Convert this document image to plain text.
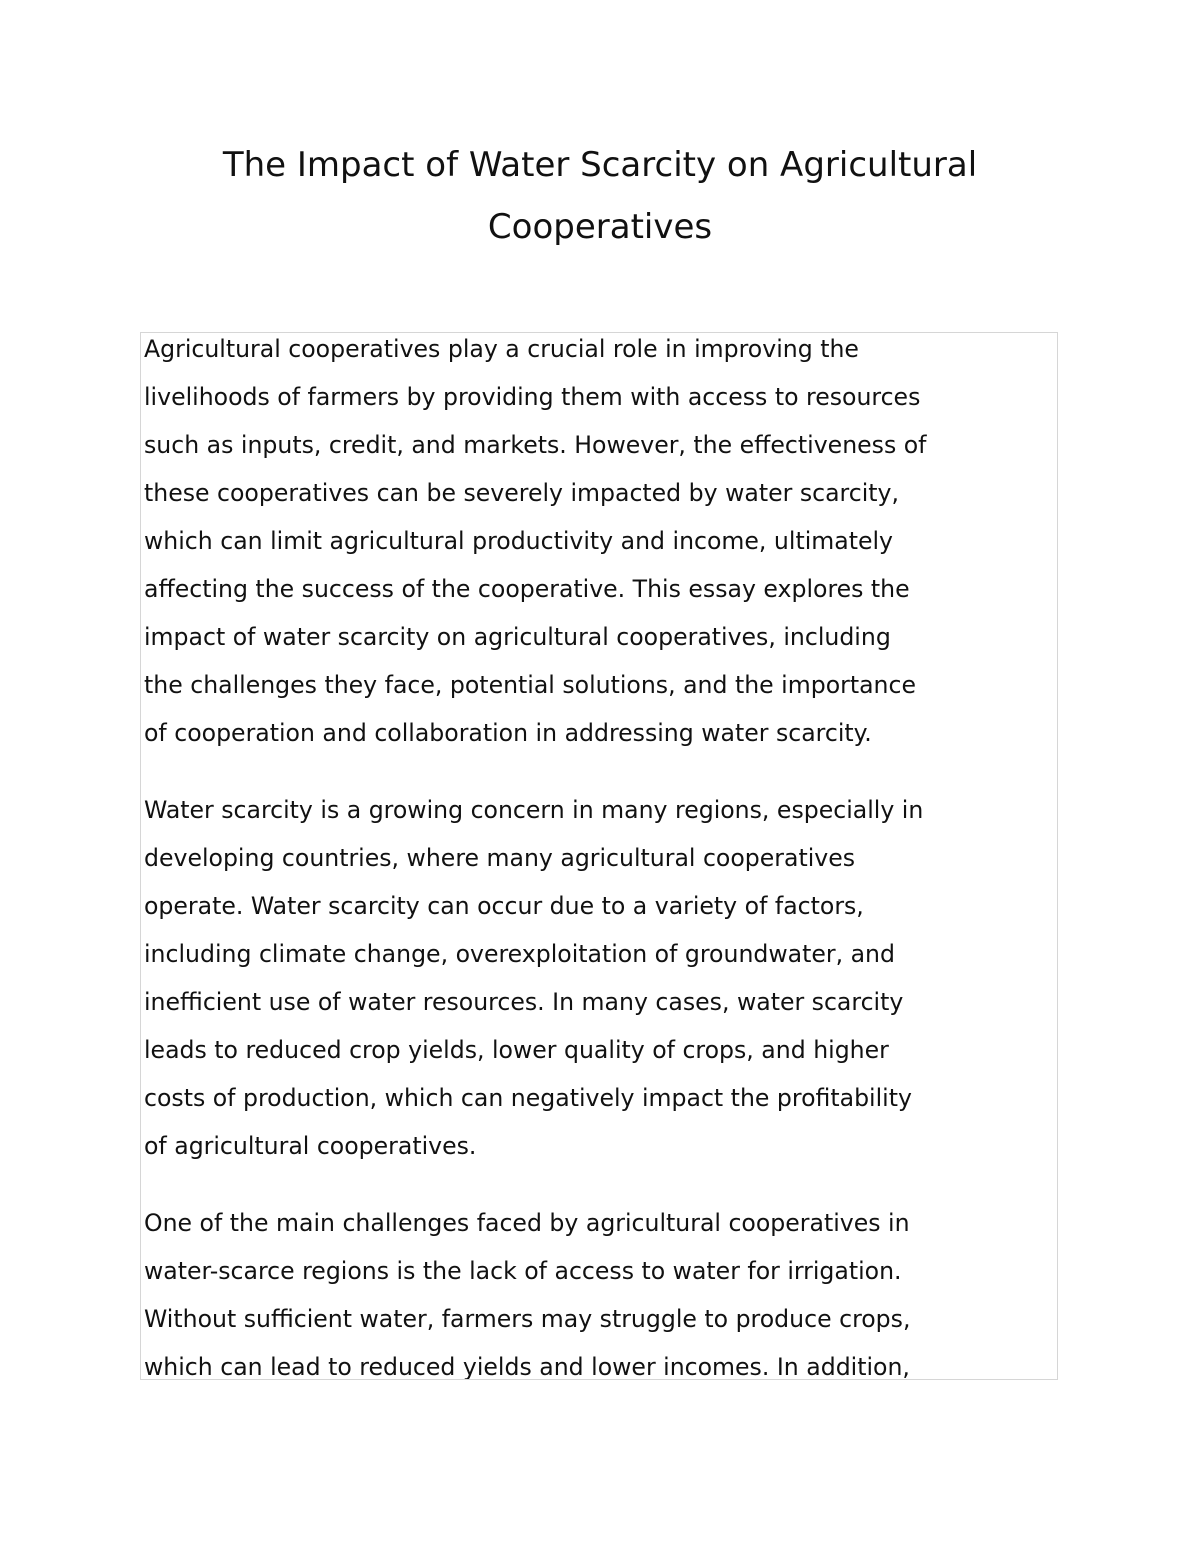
The Impact of Water Scarcity on Agricultural
Cooperatives

Agricultural cooperatives play a crucial role in improving the
livelihoods of farmers by providing them with access to resources
such as inputs, credit, and markets. However, the effectiveness of
these cooperatives can be severely impacted by water scarcity,
which can limit agricultural productivity and income, ultimately
affecting the success of the cooperative. This essay explores the
impact of water scarcity on agricultural cooperatives, including
the challenges they face, potential solutions, and the importance
of cooperation and collaboration in addressing water scarcity.

Water scarcity is a growing concern in many regions, especially in
developing countries, where many agricultural cooperatives
operate. Water scarcity can occur due to a variety of factors,
including climate change, overexploitation of groundwater, and
inefficient use of water resources. In many cases, water scarcity
leads to reduced crop yields, lower quality of crops, and higher
costs of production, which can negatively impact the profitability
of agricultural cooperatives.

One of the main challenges faced by agricultural cooperatives in
water-scarce regions is the lack of access to water for irrigation.
Without sufficient water, farmers may struggle to produce crops,
which can lead to reduced yields and lower incomes. In addition,
